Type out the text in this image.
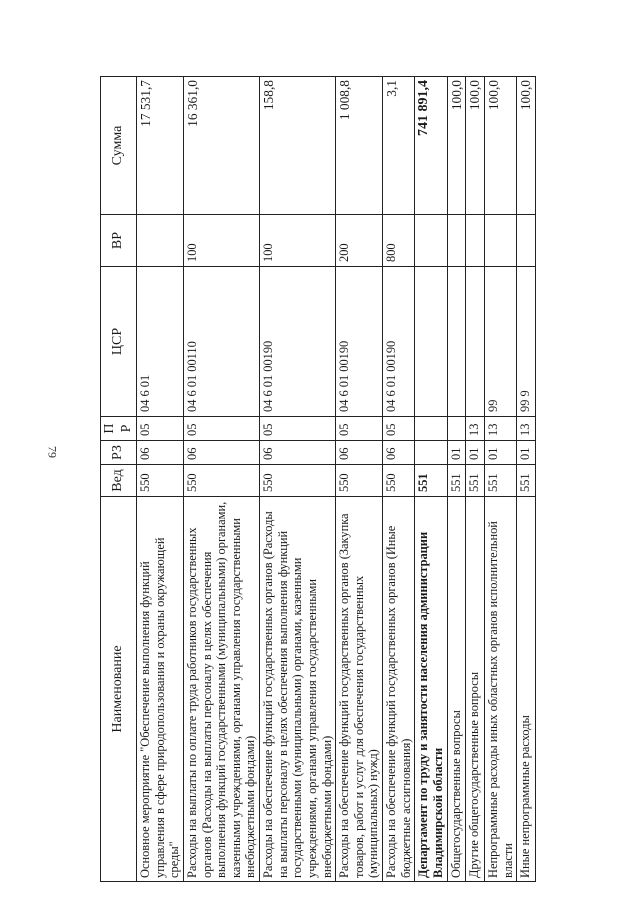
79
Наименование	Вед	РЗ	ПР	ЦСР	ВР	Сумма
Основное мероприятие "Обеспечение выполнения функций управления в сфере природопользования и охраны окружающей среды"	550	06	05	04 6 01		17 531,7
Расходы на выплаты по оплате труда работников государственных органов (Расходы на выплаты персоналу в целях обеспечения выполнения функций государственными (муниципальными) органами, казенными учреждениями, органами управления государственными внебюджетными фондами)	550	06	05	04 6 01 00110	100	16 361,0
Расходы на обеспечение функций государственных органов (Расходы на выплаты персоналу в целях обеспечения выполнения функций государственными (муниципальными) органами, казенными учреждениями, органами управления государственными внебюджетными фондами)	550	06	05	04 6 01 00190	100	158,8
Расходы на обеспечение функций государственных органов (Закупка товаров, работ и услуг для обеспечения государственных (муниципальных) нужд)	550	06	05	04 6 01 00190	200	1 008,8
Расходы на обеспечение функций государственных органов (Иные бюджетные ассигнования)	550	06	05	04 6 01 00190	800	3,1
Департамент по труду и занятости населения администрации Владимирской области	551					741 891,4
Общегосударственные вопросы	551	01				100,0
Другие общегосударственные вопросы	551	01	13			100,0
Непрограммные расходы иных областных органов исполнительной власти	551	01	13	99		100,0
Иные непрограммные расходы	551	01	13	99 9		100,0
